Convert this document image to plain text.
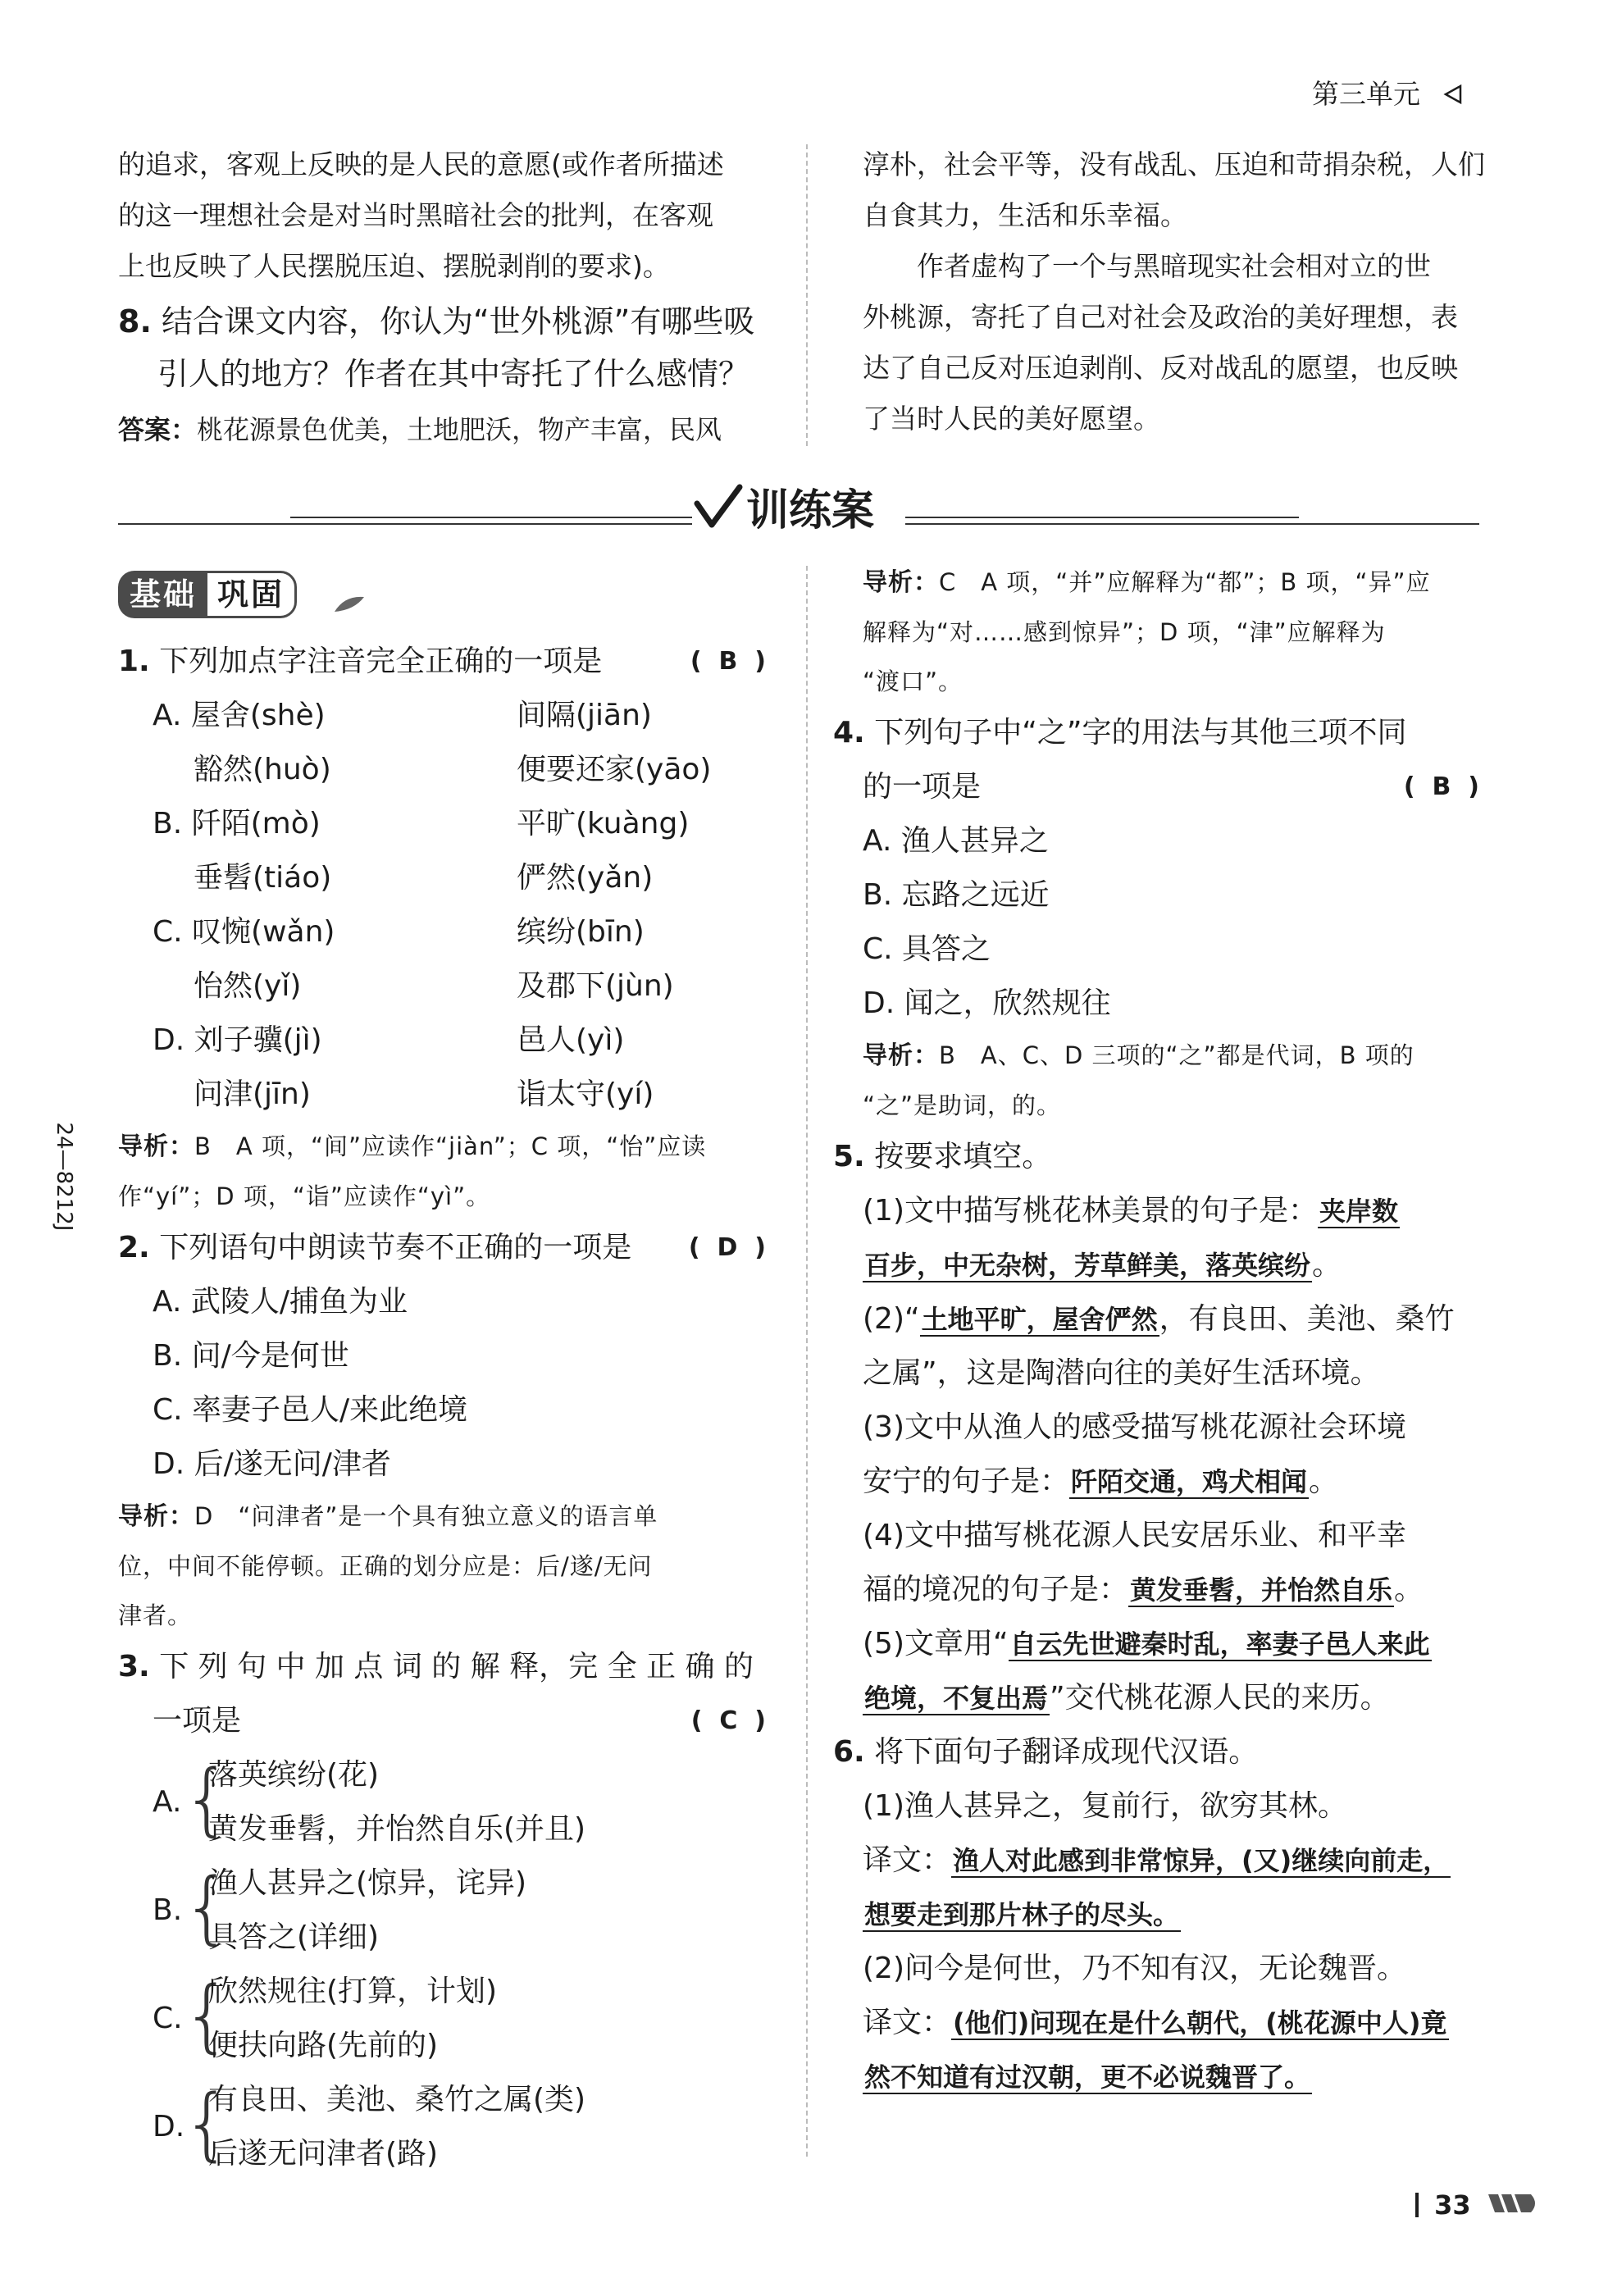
第三单元

的追求，客观上反映的是人民的意愿(或作者所描述

的这一理想社会是对当时黑暗社会的批判，在客观

上也反映了人民摆脱压迫、摆脱剥削的要求)。

8. 结合课文内容，你认为“世外桃源”有哪些吸

引人的地方？作者在其中寄托了什么感情？

答案：桃花源景色优美，土地肥沃，物产丰富，民风

淳朴，社会平等，没有战乱、压迫和苛捐杂税，人们

自食其力，生活和乐幸福。

　　作者虚构了一个与黑暗现实社会相对立的世

外桃源，寄托了自己对社会及政治的美好理想，表

达了自己反对压迫剥削、反对战乱的愿望，也反映

了当时人民的美好愿望。

训练案
24—8212J
基础 巩固

1. 下列加点字注音完全正确的一项是	( B )

A. 屋舍(shè)	间隔(jiān)
豁然(huò)	便要还家(yāo)
B. 阡陌(mò)	平旷(kuàng)
垂髫(tiáo)	俨然(yǎn)
C. 叹惋(wǎn)	缤纷(bīn)
怡然(yǐ)	及郡下(jùn)
D. 刘子骥(jì)	邑人(yì)
问津(jīn)	诣太守(yí)

导析：B　A 项，“间”应读作“jiàn”；C 项，“怡”应读

作“yí”；D 项，“诣”应读作“yì”。

2. 下列语句中朗读节奏不正确的一项是 ( D )

A. 武陵人/捕鱼为业

B. 问/今是何世

C. 率妻子邑人/来此绝境

D. 后/遂无问/津者

导析：D　“问津者”是一个具有独立意义的语言单

位，中间不能停顿。正确的划分应是：后/遂/无问

津者。

3. 下 列 句 中 加 点 词 的 解 释，完 全 正 确 的

一项是	( C )

A. {
落英缤纷(花)
黄发垂髫，并怡然自乐(并且)
B. {
渔人甚异之(惊异，诧异)
具答之(详细)
C. {
欣然规往(打算，计划)
便扶向路(先前的)
D.
{
有良田、美池、桑竹之属(类)
后遂无问津者(路)

导析：C　A 项，“并”应解释为“都”；B 项，“异”应

解释为“对……感到惊异”；D 项，“津”应解释为

“渡口”。

4. 下列句子中“之”字的用法与其他三项不同

的一项是	( B )

A. 渔人甚异之

B. 忘路之远近

C. 具答之

D. 闻之，欣然规往

导析：B　A、C、D 三项的“之”都是代词，B 项的

“之”是助词，的。

5. 按要求填空。

(1)文中描写桃花林美景的句子是：夹岸数

百步，中无杂树，芳草鲜美，落英缤纷。

(2)“土地平旷，屋舍俨然，有良田、美池、桑竹

之属”，这是陶潜向往的美好生活环境。

(3)文中从渔人的感受描写桃花源社会环境

安宁的句子是：阡陌交通，鸡犬相闻。

(4)文中描写桃花源人民安居乐业、和平幸

福的境况的句子是：黄发垂髫，并怡然自乐。

(5)文章用“自云先世避秦时乱，率妻子邑人来此

绝境，不复出焉”交代桃花源人民的来历。

6. 将下面句子翻译成现代汉语。

(1)渔人甚异之，复前行，欲穷其林。

译文：渔人对此感到非常惊异，(又)继续向前走，

想要走到那片林子的尽头。

(2)问今是何世，乃不知有汉，无论魏晋。

译文：(他们)问现在是什么朝代，(桃花源中人)竟

然不知道有过汉朝，更不必说魏晋了。

33
